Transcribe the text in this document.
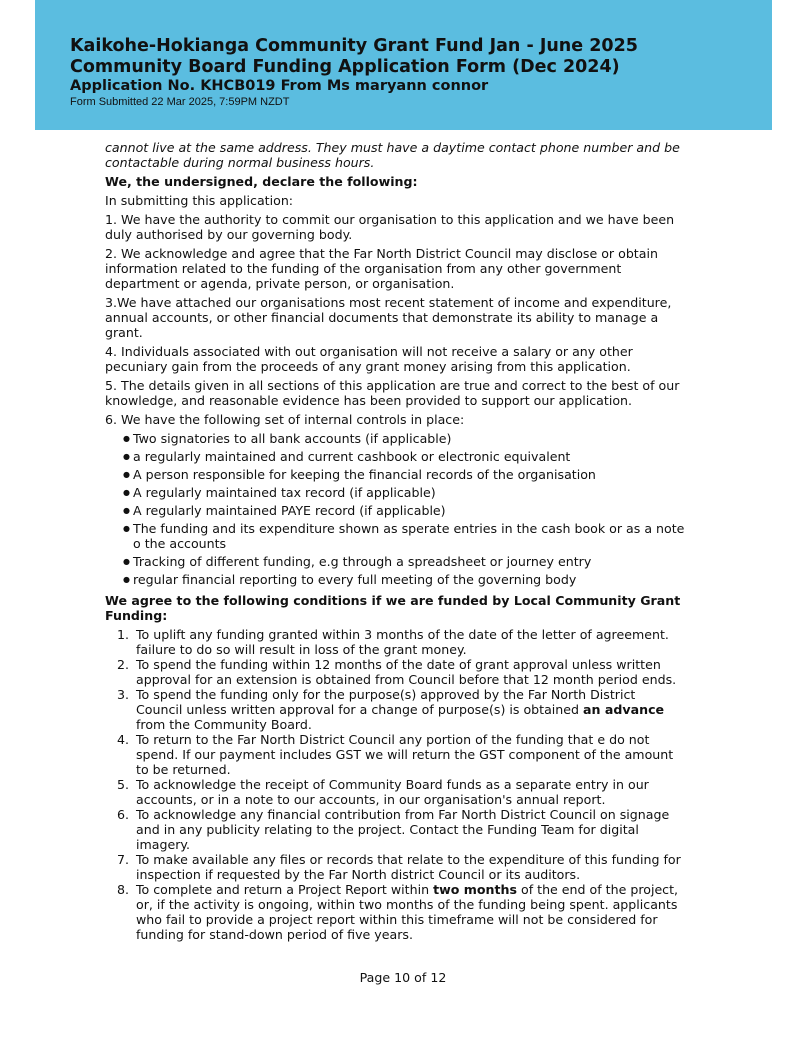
Kaikohe-Hokianga Community Grant Fund Jan - June 2025
Community Board Funding Application Form (Dec 2024)
Application No. KHCB019 From Ms maryann connor
Form Submitted 22 Mar 2025, 7:59PM NZDT

cannot live at the same address. They must have a daytime contact phone number and be contactable during normal business hours.

We, the undersigned, declare the following:

In submitting this application:

1. We have the authority to commit our organisation to this application and we have been duly authorised by our governing body.

2. We acknowledge and agree that the Far North District Council may disclose or obtain information related to the funding of the organisation from any other government department or agenda, private person, or organisation.

3.We have attached our organisations most recent statement of income and expenditure, annual accounts, or other financial documents that demonstrate its ability to manage a grant.

4. Individuals associated with out organisation will not receive a salary or any other pecuniary gain from the proceeds of any grant money arising from this application.

5. The details given in all sections of this application are true and correct to the best of our knowledge, and reasonable evidence has been provided to support our application.

6. We have the following set of internal controls in place:

● Two signatories to all bank accounts (if applicable)
● a regularly maintained and current cashbook or electronic equivalent
● A person responsible for keeping the financial records of the organisation
● A regularly maintained tax record (if applicable)
● A regularly maintained PAYE record (if applicable)
● The funding and its expenditure shown as sperate entries in the cash book or as a note o the accounts
● Tracking of different funding, e.g through a spreadsheet or journey entry
● regular financial reporting to every full meeting of the governing body

We agree to the following conditions if we are funded by Local Community Grant Funding:

1. To uplift any funding granted within 3 months of the date of the letter of agreement. failure to do so will result in loss of the grant money.
2. To spend the funding within 12 months of the date of grant approval unless written approval for an extension is obtained from Council before that 12 month period ends.
3. To spend the funding only for the purpose(s) approved by the Far North District Council unless written approval for a change of purpose(s) is obtained an advance from the Community Board.
4. To return to the Far North District Council any portion of the funding that e do not spend. If our payment includes GST we will return the GST component of the amount to be returned.
5. To acknowledge the receipt of Community Board funds as a separate entry in our accounts, or in a note to our accounts, in our organisation's annual report.
6. To acknowledge any financial contribution from Far North District Council on signage and in any publicity relating to the project. Contact the Funding Team for digital imagery.
7. To make available any files or records that relate to the expenditure of this funding for inspection if requested by the Far North district Council or its auditors.
8. To complete and return a Project Report within two months of the end of the project, or, if the activity is ongoing, within two months of the funding being spent. applicants who fail to provide a project report within this timeframe will not be considered for funding for stand-down period of five years.
Page 10 of 12
